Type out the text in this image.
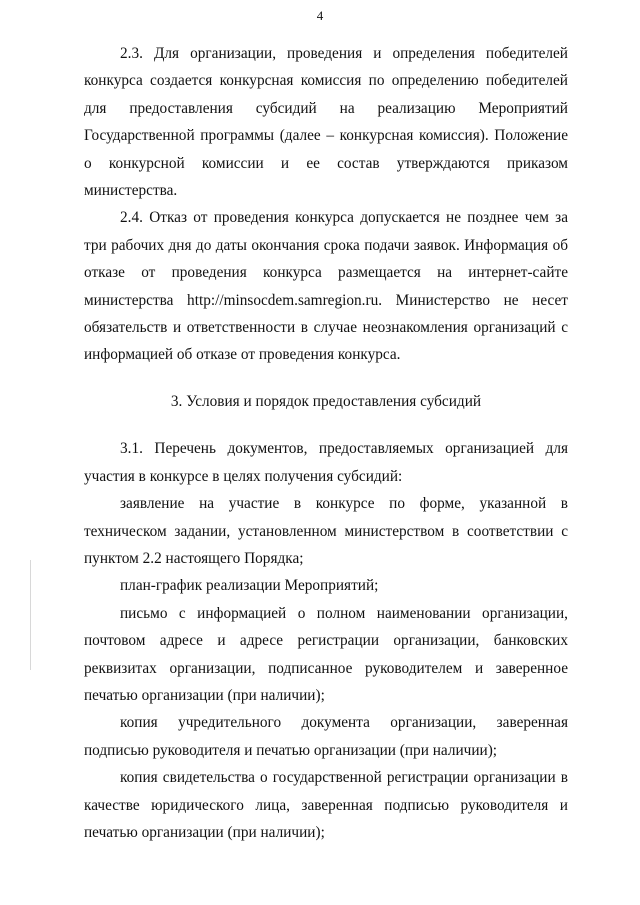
4

2.3. Для организации, проведения и определения победителей конкурса создается конкурсная комиссия по определению победителей для предоставления субсидий на реализацию Мероприятий Государственной программы (далее – конкурсная комиссия). Положение о конкурсной комиссии и ее состав утверждаются приказом министерства.

2.4. Отказ от проведения конкурса допускается не позднее чем за три рабочих дня до даты окончания срока подачи заявок. Информация об отказе от проведения конкурса размещается на интернет-сайте министерства http://minsocdem.samregion.ru. Министерство не несет обязательств и ответственности в случае неознакомления организаций с информацией об отказе от проведения конкурса.

3. Условия и порядок предоставления субсидий

3.1. Перечень документов, предоставляемых организацией для участия в конкурсе в целях получения субсидий:

заявление на участие в конкурсе по форме, указанной в техническом задании, установленном министерством в соответствии с пунктом 2.2 настоящего Порядка;

план-график реализации Мероприятий;

письмо с информацией о полном наименовании организации, почтовом адресе и адресе регистрации организации, банковских реквизитах организации, подписанное руководителем и заверенное печатью организации (при наличии);

копия учредительного документа организации, заверенная подписью руководителя и печатью организации (при наличии);

копия свидетельства о государственной регистрации организации в качестве юридического лица, заверенная подписью руководителя и печатью организации (при наличии);
